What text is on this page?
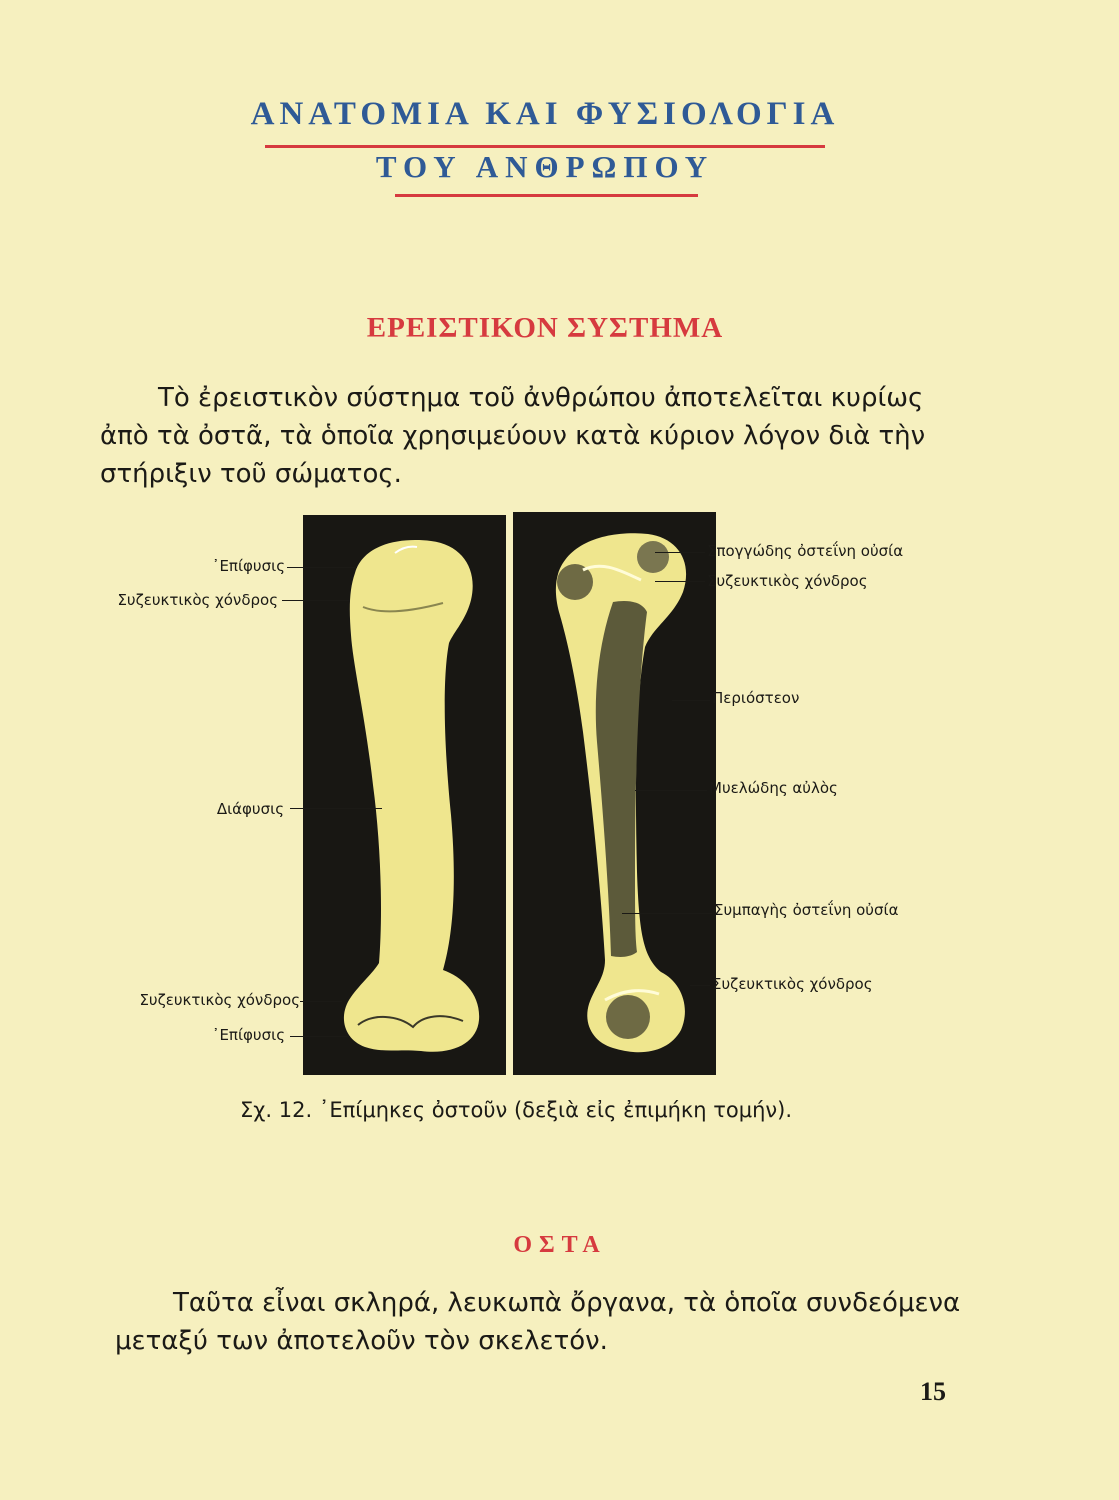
ΑΝΑΤΟΜΙΑ ΚΑΙ ΦΥΣΙΟΛΟΓΙΑ
ΤΟΥ ΑΝΘΡΩΠΟΥ
ΕΡΕΙΣΤΙΚΟΝ ΣΥΣΤΗΜΑ
Τὸ ἐρειστικὸν σύστημα τοῦ ἀνθρώπου ἀποτελεῖται κυρίως
ἀπὸ τὰ ὀστᾶ, τὰ ὁποῖα χρησιμεύουν κατὰ κύριον λόγον διὰ τὴν
στήριξιν τοῦ σώματος.
᾿Επίφυσις
Συζευκτικὸς χόνδρος
Διάφυσις
Συζευκτικὸς χόνδρος
᾿Επίφυσις
Σπογγώδης ὀστεΐνη οὐσία
Συζευκτικὸς χόνδρος
Περιόστεον
Μυελώδης αὐλὸς
Συμπαγὴς ὀστεΐνη οὐσία
Συζευκτικὸς χόνδρος
Σχ. 12. ᾿Επίμηκες ὀστοῦν (δεξιὰ εἰς ἐπιμήκη τομήν).
ΟΣΤΑ
Ταῦτα εἶναι σκληρά, λευκωπὰ ὄργανα, τὰ ὁποῖα συνδεόμενα
μεταξύ των ἀποτελοῦν τὸν σκελετόν.
15
